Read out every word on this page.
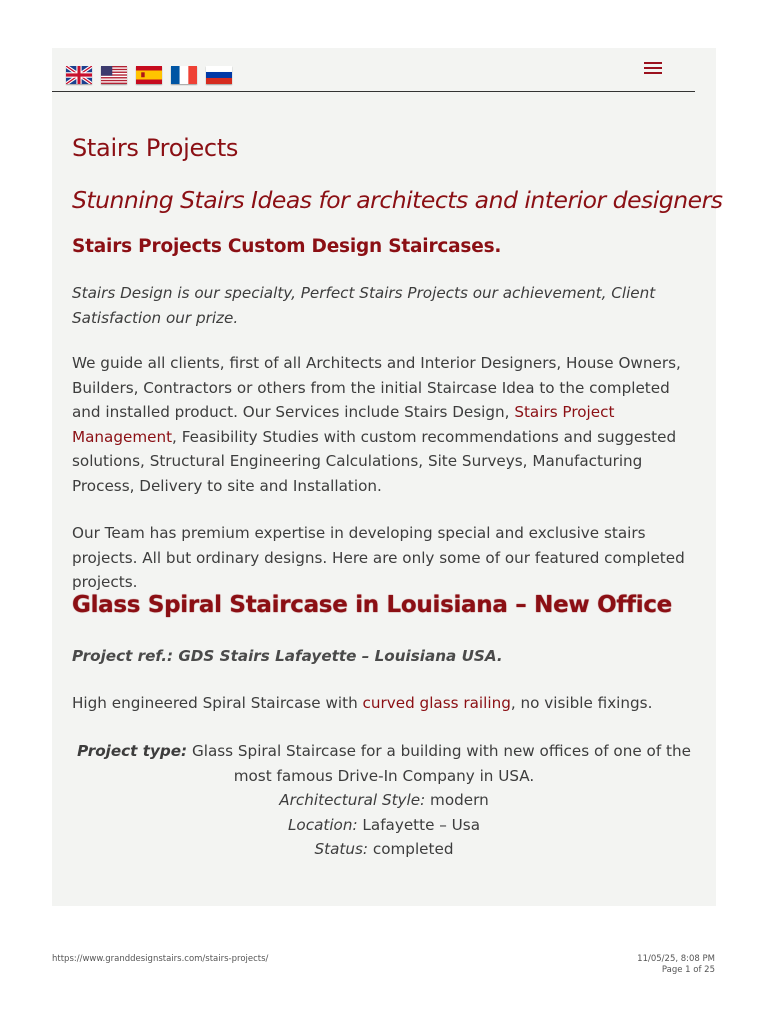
Stairs Projects
Stunning Stairs Ideas for architects and interior designers
Stairs Projects Custom Design Staircases.

Stairs Design is our specialty, Perfect Stairs Projects our achievement, Client Satisfaction our prize.

We guide all clients, first of all Architects and Interior Designers, House Owners, Builders, Contractors or others from the initial Staircase Idea to the completed and installed product. Our Services include Stairs Design, Stairs Project Management, Feasibility Studies with custom recommendations and suggested solutions, Structural Engineering Calculations, Site Surveys, Manufacturing Process, Delivery to site and Installation.

Our Team has premium expertise in developing special and exclusive stairs projects. All but ordinary designs. Here are only some of our featured completed projects.

Glass Spiral Staircase in Louisiana – New Office

Project ref.: GDS Stairs Lafayette – Louisiana USA.

High engineered Spiral Staircase with curved glass railing, no visible fixings.

Project type: Glass Spiral Staircase for a building with new offices of one of the most famous Drive-In Company in USA.
Architectural Style: modern
Location: Lafayette – Usa
Status: completed

https://www.granddesignstairs.com/stairs-projects/	11/05/25, 8:08 PM
Page 1 of 25
